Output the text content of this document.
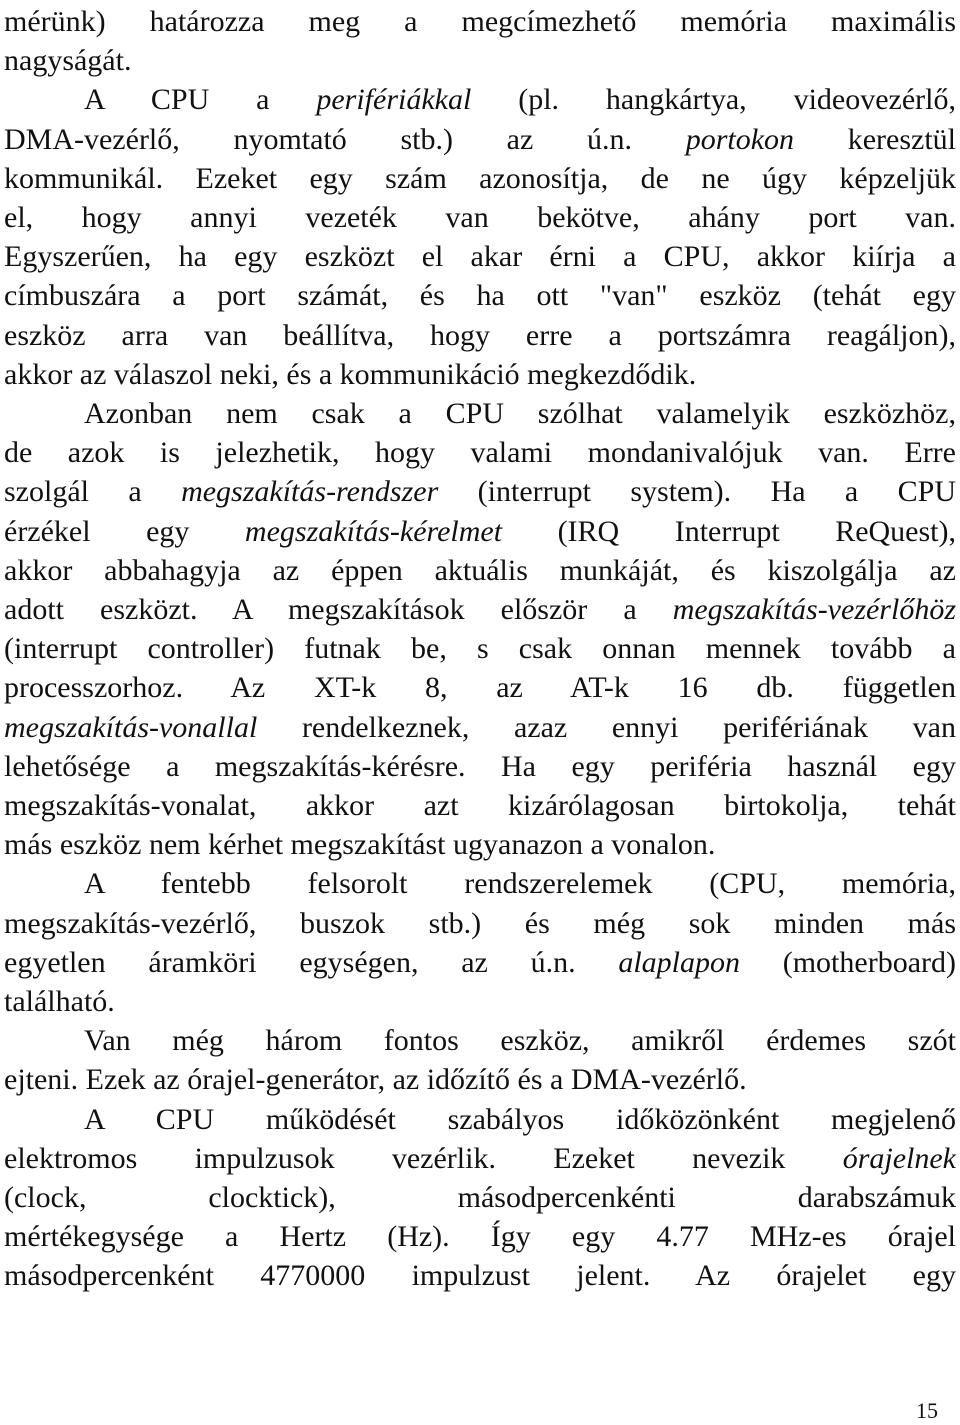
mérünk) határozza meg a megcímezhető memória maximális
nagyságát.
A CPU a perifériákkal (pl. hangkártya, videovezérlő,
DMA-vezérlő, nyomtató stb.) az ú.n. portokon keresztül
kommunikál. Ezeket egy szám azonosítja, de ne úgy képzeljük
el, hogy annyi vezeték van bekötve, ahány port van.
Egyszerűen, ha egy eszközt el akar érni a CPU, akkor kiírja a
címbuszára a port számát, és ha ott "van" eszköz (tehát egy
eszköz arra van beállítva, hogy erre a portszámra reagáljon),
akkor az válaszol neki, és a kommunikáció megkezdődik.
Azonban nem csak a CPU szólhat valamelyik eszközhöz,
de azok is jelezhetik, hogy valami mondanivalójuk van. Erre
szolgál a megszakítás-rendszer (interrupt system). Ha a CPU
érzékel egy megszakítás-kérelmet (IRQ Interrupt ReQuest),
akkor abbahagyja az éppen aktuális munkáját, és kiszolgálja az
adott eszközt. A megszakítások először a megszakítás-vezérlőhöz
(interrupt controller) futnak be, s csak onnan mennek tovább a
processzorhoz. Az XT-k 8, az AT-k 16 db. független
megszakítás-vonallal rendelkeznek, azaz ennyi perifériának van
lehetősége a megszakítás-kérésre. Ha egy periféria használ egy
megszakítás-vonalat, akkor azt kizárólagosan birtokolja, tehát
más eszköz nem kérhet megszakítást ugyanazon a vonalon.
A fentebb felsorolt rendszerelemek (CPU, memória,
megszakítás-vezérlő, buszok stb.) és még sok minden más
egyetlen áramköri egységen, az ú.n. alaplapon (motherboard)
található.
Van még három fontos eszköz, amikről érdemes szót
ejteni. Ezek az órajel-generátor, az időzítő és a DMA-vezérlő.
A CPU működését szabályos időközönként megjelenő
elektromos impulzusok vezérlik. Ezeket nevezik órajelnek
(clock, clocktick), másodpercenkénti darabszámuk
mértékegysége a Hertz (Hz). Így egy 4.77 MHz-es órajel
másodpercenként 4770000 impulzust jelent. Az órajelet egy
15
